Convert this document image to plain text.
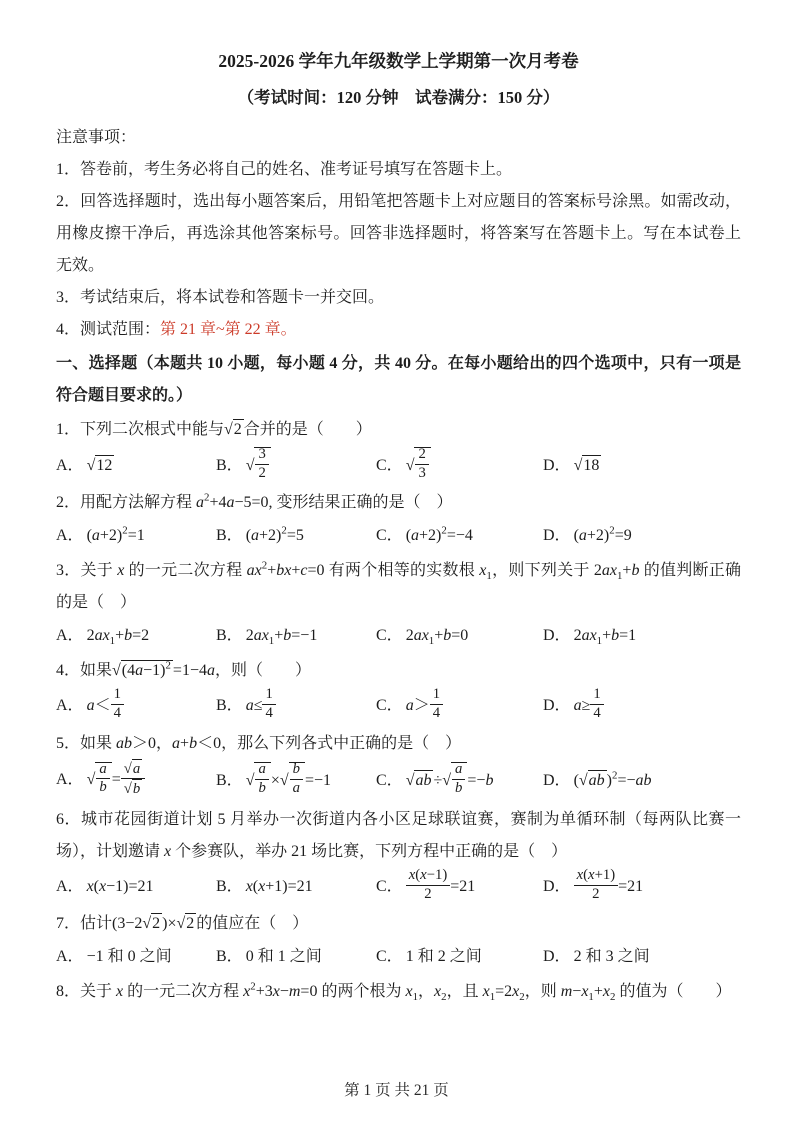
2025-2026 学年九年级数学上学期第一次月考卷
（考试时间：120 分钟　试卷满分：150 分）
注意事项：

1．答卷前，考生务必将自己的姓名、准考证号填写在答题卡上。

2．回答选择题时，选出每小题答案后，用铅笔把答题卡上对应题目的答案标号涂黑。如需改动，用橡皮擦干净后，再选涂其他答案标号。回答非选择题时，将答案写在答题卡上。写在本试卷上无效。

3．考试结束后，将本试卷和答题卡一并交回。

4．测试范围：第 21 章~第 22 章。

一、选择题（本题共 10 小题，每小题 4 分，共 40 分。在每小题给出的四个选项中，只有一项是符合题目要求的。）

1．下列二次根式中能与√2 合并的是（　　）

A． √12	B． √ $\frac{3}{2}$	C． √ $\frac{2}{3}$	D． √18

2．用配方法解方程 $a^2+4a-5=0$, 变形结果正确的是（　）

A． $(a+2)^2=1$	B． $(a+2)^2=5$	C． $(a+2)^2=-4$	D． $(a+2)^2=9$

3．关于 x 的一元二次方程 $ax^2+bx+c=0$ 有两个相等的实数根 $x_1$，则下列关于 $2ax_1+b$ 的值判断正确的是（　）

A． $2ax_1+b=2$	B． $2ax_1+b=-1$	C． $2ax_1+b=0$	D． $2ax_1+b=1$

4．如果$√(4a-1)^2 =1-4a$，则（　　）

A． $a< \frac{1}{4}$	B． $a\le \frac{1}{4}$	C． $a> \frac{1}{4}$	D． $a\ge \frac{1}{4}$

5．如果 ab＞0，a+b＜0，那么下列各式中正确的是（　）

A． √ $\frac{a}{b} = \frac{√a}{√b}$	B． √ $\frac{a}{b}$ ×√ $\frac{b}{a} =-1$	C． √ab ÷√ $\frac{a}{b} =-b$	D． (√ab )$^2$=−ab

6．城市花园街道计划 5 月举办一次街道内各小区足球联谊赛，赛制为单循环制（每两队比赛一场），计划邀请 x 个参赛队，举办 21 场比赛，下列方程中正确的是（　）

A． x(x−1)=21	B． x(x+1)=21	C． $\frac{x(x-1)}{2} =21$	D． $\frac{x(x+1)}{2} =21$

7．估计(3−2√2 )×√2 的值应在（　）

A． −1 和 0 之间	B． 0 和 1 之间	C． 1 和 2 之间	D． 2 和 3 之间

8．关于 x 的一元二次方程 $x^2+3x-m=0$ 的两个根为 $x_1$，$x_2$，且 $x_1=2x_2$，则 $m-x_1+x_2$ 的值为（　　）

第 1 页 共 21 页
